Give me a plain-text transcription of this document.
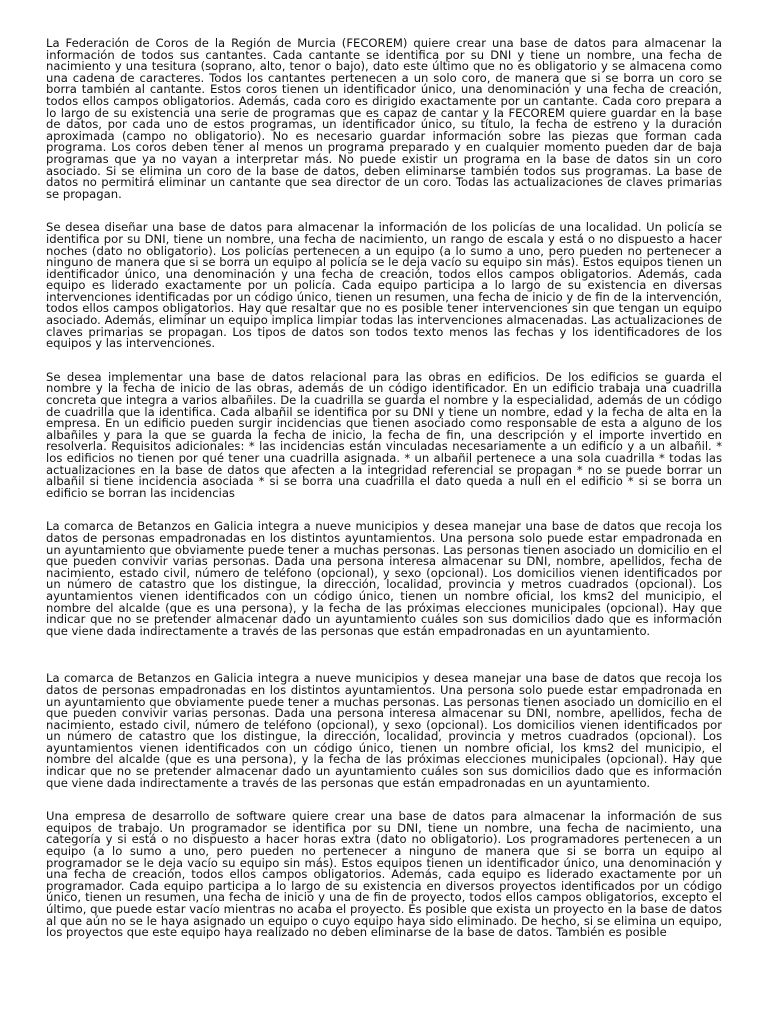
La Federación de Coros de la Región de Murcia (FECOREM) quiere crear una base de datos para almacenar la información de todos sus cantantes. Cada cantante se identifica por su DNI y tiene un nombre, una fecha de nacimiento y una tesitura (soprano, alto, tenor o bajo), dato este último que no es obligatorio y se almacena como una cadena de caracteres. Todos los cantantes pertenecen a un solo coro, de manera que si se borra un coro se borra también al cantante. Estos coros tienen un identificador único, una denominación y una fecha de creación, todos ellos campos obligatorios. Además, cada coro es dirigido exactamente por un cantante. Cada coro prepara a lo largo de su existencia una serie de programas que es capaz de cantar y la FECOREM quiere guardar en la base de datos, por cada uno de estos programas, un identificador único, su título, la fecha de estreno y la duración aproximada (campo no obligatorio). No es necesario guardar información sobre las piezas que forman cada programa. Los coros deben tener al menos un programa preparado y en cualquier momento pueden dar de baja programas que ya no vayan a interpretar más. No puede existir un programa en la base de datos sin un coro asociado. Si se elimina un coro de la base de datos, deben eliminarse también todos sus programas. La base de datos no permitirá eliminar un cantante que sea director de un coro. Todas las actualizaciones de claves primarias se propagan.

Se desea diseñar una base de datos para almacenar la información de los policías de una localidad. Un policía se identifica por su DNI, tiene un nombre, una fecha de nacimiento, un rango de escala y está o no dispuesto a hacer noches (dato no obligatorio). Los policías pertenecen a un equipo (a lo sumo a uno, pero pueden no pertenecer a ninguno de manera que si se borra un equipo al policía se le deja vacío su equipo sin más). Estos equipos tienen un identificador único, una denominación y una fecha de creación, todos ellos campos obligatorios. Además, cada equipo es liderado exactamente por un policía. Cada equipo participa a lo largo de su existencia en diversas intervenciones identificadas por un código único, tienen un resumen, una fecha de inicio y de fin de la intervención, todos ellos campos obligatorios. Hay que resaltar que no es posible tener intervenciones sin que tengan un equipo asociado. Además, eliminar un equipo implica limpiar todas las intervenciones almacenadas. Las actualizaciones de claves primarias se propagan. Los tipos de datos son todos texto menos las fechas y los identificadores de los equipos y las intervenciones.

Se desea implementar una base de datos relacional para las obras en edificios. De los edificios se guarda el nombre y la fecha de inicio de las obras, además de un código identificador. En un edificio trabaja una cuadrilla concreta que integra a varios albañiles. De la cuadrilla se guarda el nombre y la especialidad, además de un código de cuadrilla que la identifica. Cada albañil se identifica por su DNI y tiene un nombre, edad y la fecha de alta en la empresa. En un edificio pueden surgir incidencias que tienen asociado como responsable de esta a alguno de los albañiles y para la que se guarda la fecha de inicio, la fecha de fin, una descripción y el importe invertido en resolverla. Requisitos adicionales: * las incidencias están vinculadas necesariamente a un edificio y a un albañil. * los edificios no tienen por qué tener una cuadrilla asignada. * un albañil pertenece a una sola cuadrilla * todas las actualizaciones en la base de datos que afecten a la integridad referencial se propagan * no se puede borrar un albañil si tiene incidencia asociada * si se borra una cuadrilla el dato queda a null en el edificio * si se borra un edificio se borran las incidencias

La comarca de Betanzos en Galicia integra a nueve municipios y desea manejar una base de datos que recoja los datos de personas empadronadas en los distintos ayuntamientos. Una persona solo puede estar empadronada en un ayuntamiento que obviamente puede tener a muchas personas. Las personas tienen asociado un domicilio en el que pueden convivir varias personas. Dada una persona interesa almacenar su DNI, nombre, apellidos, fecha de nacimiento, estado civil, número de teléfono (opcional), y sexo (opcional). Los domicilios vienen identificados por un número de catastro que los distingue, la dirección, localidad, provincia y metros cuadrados (opcional). Los ayuntamientos vienen identificados con un código único, tienen un nombre oficial, los kms2 del municipio, el nombre del alcalde (que es una persona), y la fecha de las próximas elecciones municipales (opcional). Hay que indicar que no se pretender almacenar dado un ayuntamiento cuáles son sus domicilios dado que es información que viene dada indirectamente a través de las personas que están empadronadas en un ayuntamiento.

La comarca de Betanzos en Galicia integra a nueve municipios y desea manejar una base de datos que recoja los datos de personas empadronadas en los distintos ayuntamientos. Una persona solo puede estar empadronada en un ayuntamiento que obviamente puede tener a muchas personas. Las personas tienen asociado un domicilio en el que pueden convivir varias personas. Dada una persona interesa almacenar su DNI, nombre, apellidos, fecha de nacimiento, estado civil, número de teléfono (opcional), y sexo (opcional). Los domicilios vienen identificados por un número de catastro que los distingue, la dirección, localidad, provincia y metros cuadrados (opcional). Los ayuntamientos vienen identificados con un código único, tienen un nombre oficial, los kms2 del municipio, el nombre del alcalde (que es una persona), y la fecha de las próximas elecciones municipales (opcional). Hay que indicar que no se pretender almacenar dado un ayuntamiento cuáles son sus domicilios dado que es información que viene dada indirectamente a través de las personas que están empadronadas en un ayuntamiento.

Una empresa de desarrollo de software quiere crear una base de datos para almacenar la información de sus equipos de trabajo. Un programador se identifica por su DNI, tiene un nombre, una fecha de nacimiento, una categoría y si está o no dispuesto a hacer horas extra (dato no obligatorio). Los programadores pertenecen a un equipo (a lo sumo a uno, pero pueden no pertenecer a ninguno de manera que si se borra un equipo al programador se le deja vacío su equipo sin más). Estos equipos tienen un identificador único, una denominación y una fecha de creación, todos ellos campos obligatorios. Además, cada equipo es liderado exactamente por un programador. Cada equipo participa a lo largo de su existencia en diversos proyectos identificados por un código único, tienen un resumen, una fecha de inicio y una de fin de proyecto, todos ellos campos obligatorios, excepto el último, que puede estar vacío mientras no acaba el proyecto. Es posible que exista un proyecto en la base de datos al que aún no se le haya asignado un equipo o cuyo equipo haya sido eliminado. De hecho, si se elimina un equipo, los proyectos que este equipo haya realizado no deben eliminarse de la base de datos. También es posible
